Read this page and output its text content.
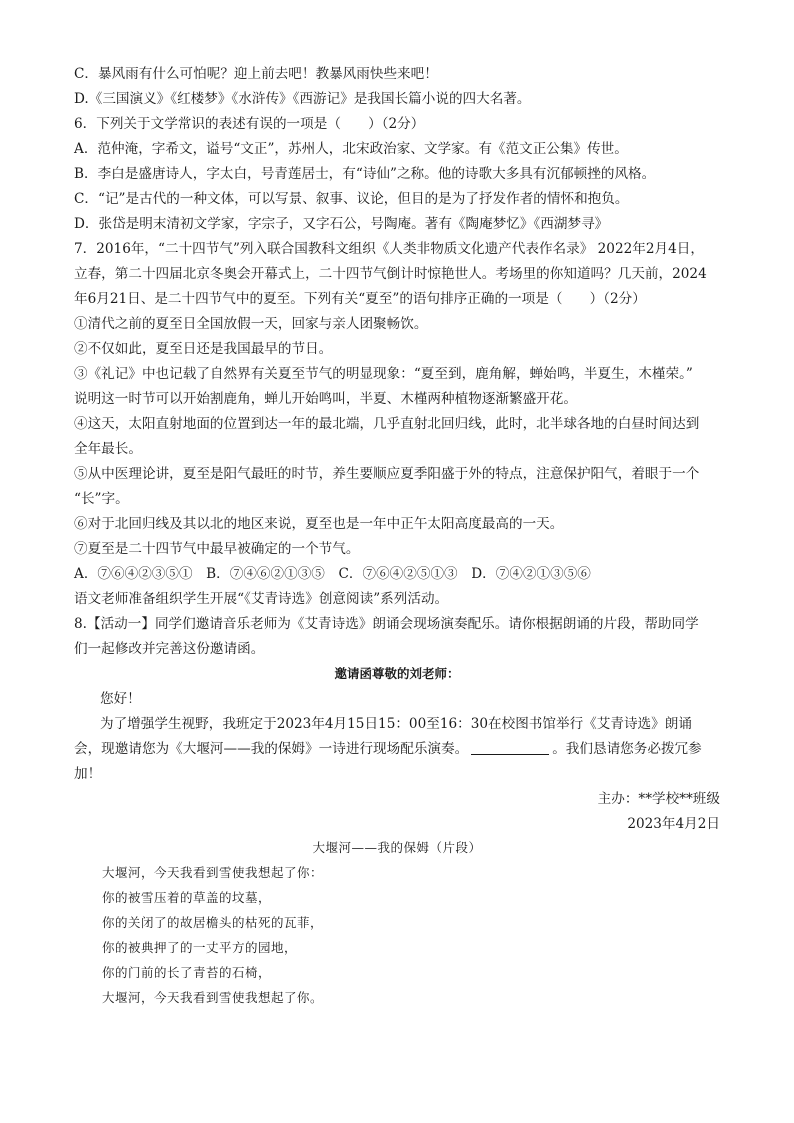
C．暴风雨有什么可怕呢？迎上前去吧！教暴风雨快些来吧！
D.《三国演义》《红楼梦》《水浒传》《西游记》是我国长篇小说的四大名著。
6．下列关于文学常识的表述有误的一项是（　　）（2分）
A．范仲淹，字希文，谥号“文正”，苏州人，北宋政治家、文学家。有《范文正公集》传世。
B．李白是盛唐诗人，字太白，号青莲居士，有“诗仙”之称。他的诗歌大多具有沉郁顿挫的风格。
C．“记”是古代的一种文体，可以写景、叙事、议论，但目的是为了抒发作者的情怀和抱负。
D．张岱是明末清初文学家，字宗子，又字石公，号陶庵。著有《陶庵梦忆》《西湖梦寻》
7．2016年，“二十四节气”列入联合国教科文组织《人类非物质文化遗产代表作名录》 2022年2月4日，
立春，第二十四届北京冬奥会开幕式上，二十四节气倒计时惊艳世人。考场里的你知道吗？几天前，2024
年6月21日、是二十四节气中的夏至。下列有关“夏至”的语句排序正确的一项是（　　）（2分）
①清代之前的夏至日全国放假一天，回家与亲人团聚畅饮。
②不仅如此，夏至日还是我国最早的节日。
③《礼记》中也记载了自然界有关夏至节气的明显现象：“夏至到，鹿角解，蝉始鸣，半夏生，木槿荣。”
说明这一时节可以开始割鹿角，蝉儿开始鸣叫，半夏、木槿两种植物逐渐繁盛开花。
④这天，太阳直射地面的位置到达一年的最北端，几乎直射北回归线，此时，北半球各地的白昼时间达到
全年最长。
⑤从中医理论讲，夏至是阳气最旺的时节，养生要顺应夏季阳盛于外的特点，注意保护阳气，着眼于一个
“长”字。
⑥对于北回归线及其以北的地区来说，夏至也是一年中正午太阳高度最高的一天。
⑦夏至是二十四节气中最早被确定的一个节气。
A．⑦⑥④②③⑤①　B．⑦④⑥②①③⑤　C．⑦⑥④②⑤①③　D．⑦④②①③⑤⑥
语文老师准备组织学生开展“《艾青诗选》创意阅读”系列活动。
8.【活动一】同学们邀请音乐老师为《艾青诗选》朗诵会现场演奏配乐。请你根据朗诵的片段，帮助同学
们一起修改并完善这份邀请函。
邀请函尊敬的刘老师：
您好！
为了增强学生视野，我班定于2023年4月15日15：00至16：30在校图书馆举行《艾青诗选》朗诵
会，现邀请您为《大堰河——我的保姆》一诗进行现场配乐演奏。	。我们恳请您务必拨冗参
加！
主办：**学校**班级
2023年4月2日
大堰河——我的保姆（片段）
大堰河，今天我看到雪使我想起了你：
你的被雪压着的草盖的坟墓，
你的关闭了的故居檐头的枯死的瓦菲，
你的被典押了的一丈平方的园地，
你的门前的长了青苔的石椅，
大堰河，今天我看到雪使我想起了你。
